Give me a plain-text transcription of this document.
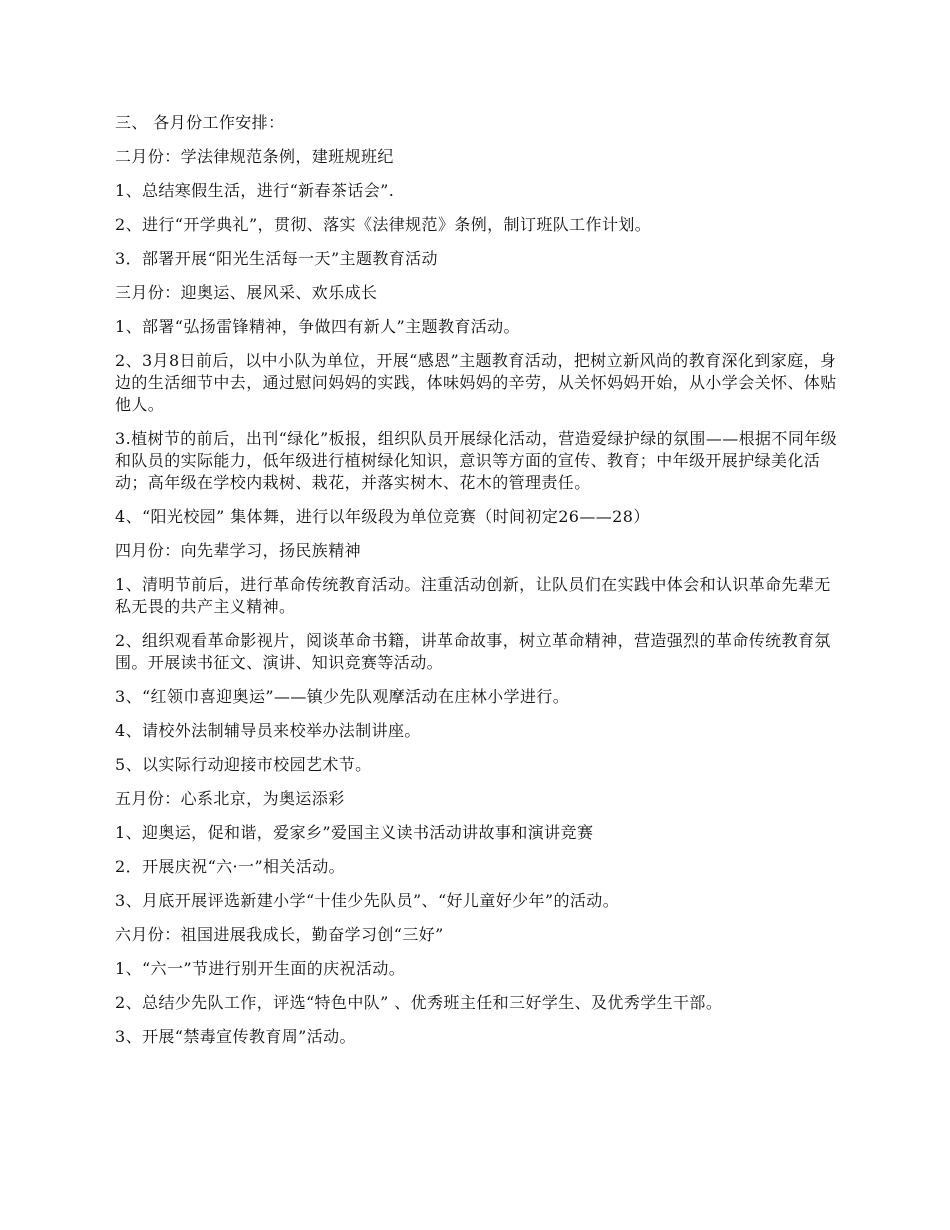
三、 各月份工作安排：

二月份：学法律规范条例，建班规班纪

1、总结寒假生活，进行“新春茶话会”.

2、进行“开学典礼”，贯彻、落实《法律规范》条例，制订班队工作计划。

3．部署开展“阳光生活每一天”主题教育活动

三月份：迎奥运、展风采、欢乐成长

1、部署“弘扬雷锋精神，争做四有新人”主题教育活动。

2、3月8日前后，以中小队为单位，开展“感恩”主题教育活动，把树立新风尚的教育深化到家庭，身边的生活细节中去，通过慰问妈妈的实践，体味妈妈的辛劳，从关怀妈妈开始，从小学会关怀、体贴他人。

3.植树节的前后，出刊“绿化”板报，组织队员开展绿化活动，营造爱绿护绿的氛围——根据不同年级和队员的实际能力，低年级进行植树绿化知识，意识等方面的宣传、教育；中年级开展护绿美化活动；高年级在学校内栽树、栽花，并落实树木、花木的管理责任。

4、“阳光校园” 集体舞，进行以年级段为单位竞赛（时间初定26——28）

四月份：向先辈学习，扬民族精神

1、清明节前后，进行革命传统教育活动。注重活动创新，让队员们在实践中体会和认识革命先辈无私无畏的共产主义精神。

2、组织观看革命影视片，阅谈革命书籍，讲革命故事，树立革命精神，营造强烈的革命传统教育氛围。开展读书征文、演讲、知识竞赛等活动。

3、“红领巾喜迎奥运”——镇少先队观摩活动在庄林小学进行。

4、请校外法制辅导员来校举办法制讲座。

5、以实际行动迎接市校园艺术节。

五月份：心系北京，为奥运添彩

1、迎奥运，促和谐，爱家乡”爱国主义读书活动讲故事和演讲竞赛

2．开展庆祝“六·一”相关活动。

3、月底开展评选新建小学“十佳少先队员”、“好儿童好少年”的活动。

六月份：祖国进展我成长，勤奋学习创“三好”

1、“六一”节进行别开生面的庆祝活动。

2、总结少先队工作，评选“特色中队” 、优秀班主任和三好学生、及优秀学生干部。

3、开展“禁毒宣传教育周”活动。
